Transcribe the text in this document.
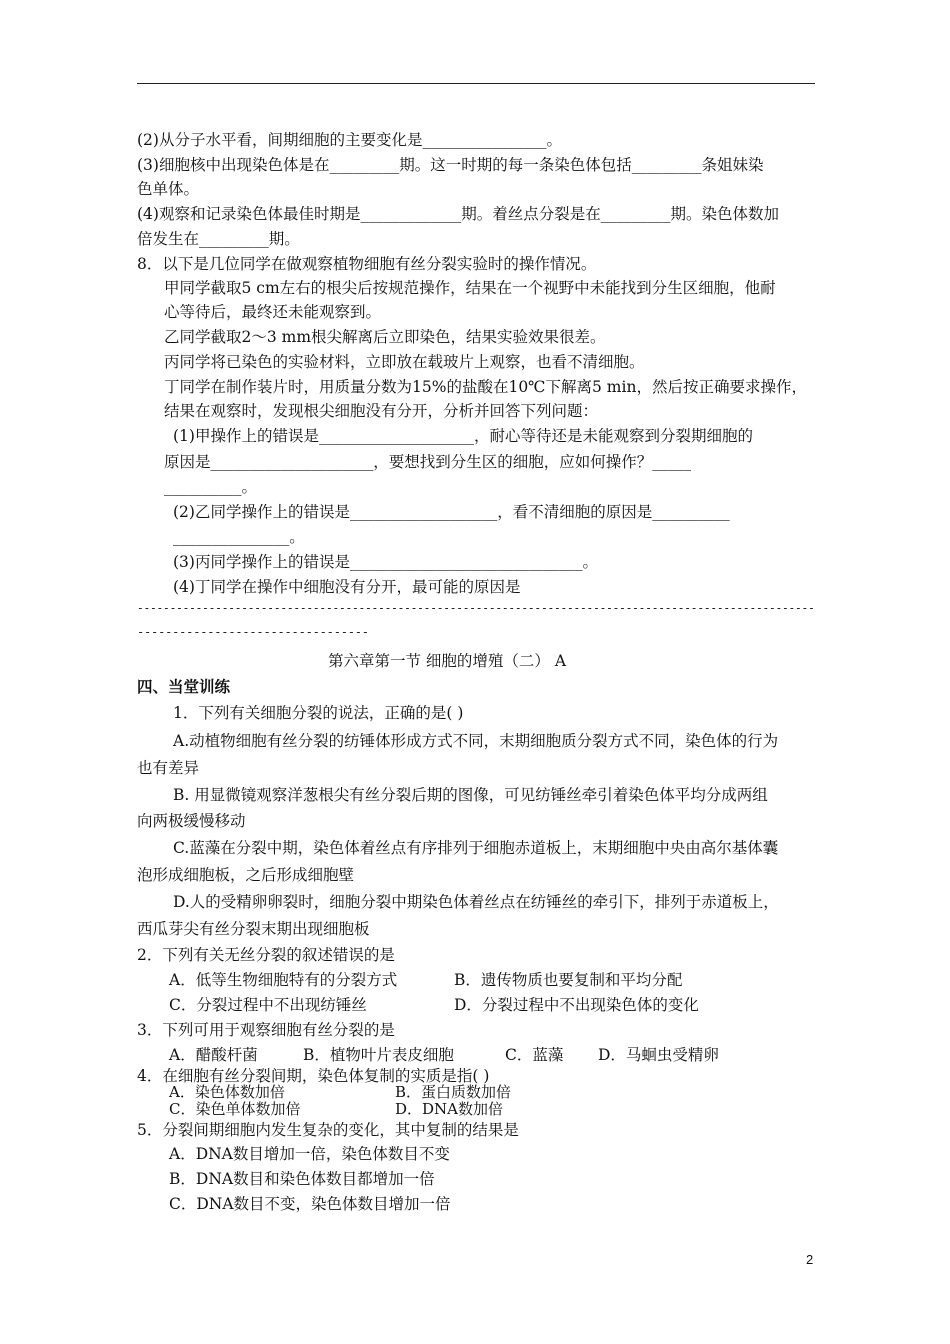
(2)从分子水平看，间期细胞的主要变化是________________。
(3)细胞核中出现染色体是在_________期。这一时期的每一条染色体包括_________条姐妹染
色单体。
(4)观察和记录染色体最佳时期是_____________期。着丝点分裂是在_________期。染色体数加
倍发生在_________期。
8．以下是几位同学在做观察植物细胞有丝分裂实验时的操作情况。
甲同学截取5 cm左右的根尖后按规范操作，结果在一个视野中未能找到分生区细胞，他耐
心等待后，最终还未能观察到。
乙同学截取2～3 mm根尖解离后立即染色，结果实验效果很差。
丙同学将已染色的实验材料，立即放在载玻片上观察，也看不清细胞。
丁同学在制作装片时，用质量分数为15%的盐酸在10℃下解离5 min，然后按正确要求操作，
结果在观察时，发现根尖细胞没有分开，分析并回答下列问题：
(1)甲操作上的错误是____________________，耐心等待还是未能观察到分裂期细胞的
原因是_____________________，要想找到分生区的细胞，应如何操作？_____
__________。
(2)乙同学操作上的错误是___________________，看不清细胞的原因是__________
_______________。
(3)丙同学操作上的错误是______________________________。
(4)丁同学在操作中细胞没有分开，最可能的原因是
第六章第一节 细胞的增殖（二） A
四、当堂训练
1．下列有关细胞分裂的说法，正确的是( )
A.动植物细胞有丝分裂的纺锤体形成方式不同，末期细胞质分裂方式不同，染色体的行为
也有差异
B. 用显微镜观察洋葱根尖有丝分裂后期的图像，可见纺锤丝牵引着染色体平均分成两组
向两极缓慢移动
C.蓝藻在分裂中期，染色体着丝点有序排列于细胞赤道板上，末期细胞中央由高尔基体囊
泡形成细胞板，之后形成细胞壁
D.人的受精卵卵裂时，细胞分裂中期染色体着丝点在纺锤丝的牵引下，排列于赤道板上，
西瓜芽尖有丝分裂末期出现细胞板
2．下列有关无丝分裂的叙述错误的是
A．低等生物细胞特有的分裂方式	B．遗传物质也要复制和平均分配
C．分裂过程中不出现纺锤丝	D．分裂过程中不出现染色体的变化
3．下列可用于观察细胞有丝分裂的是
A．醋酸杆菌	B．植物叶片表皮细胞	C．蓝藻 D．马蛔虫受精卵
4．在细胞有丝分裂间期，染色体复制的实质是指( )
A．染色体数加倍	B．蛋白质数加倍
C．染色单体数加倍	D．DNA数加倍
5．分裂间期细胞内发生复杂的变化，其中复制的结果是
A．DNA数目增加一倍，染色体数目不变
B．DNA数目和染色体数目都增加一倍
C．DNA数目不变，染色体数目增加一倍
--------------------------------------------------------------------------------------------------------
---------------------------------
2
